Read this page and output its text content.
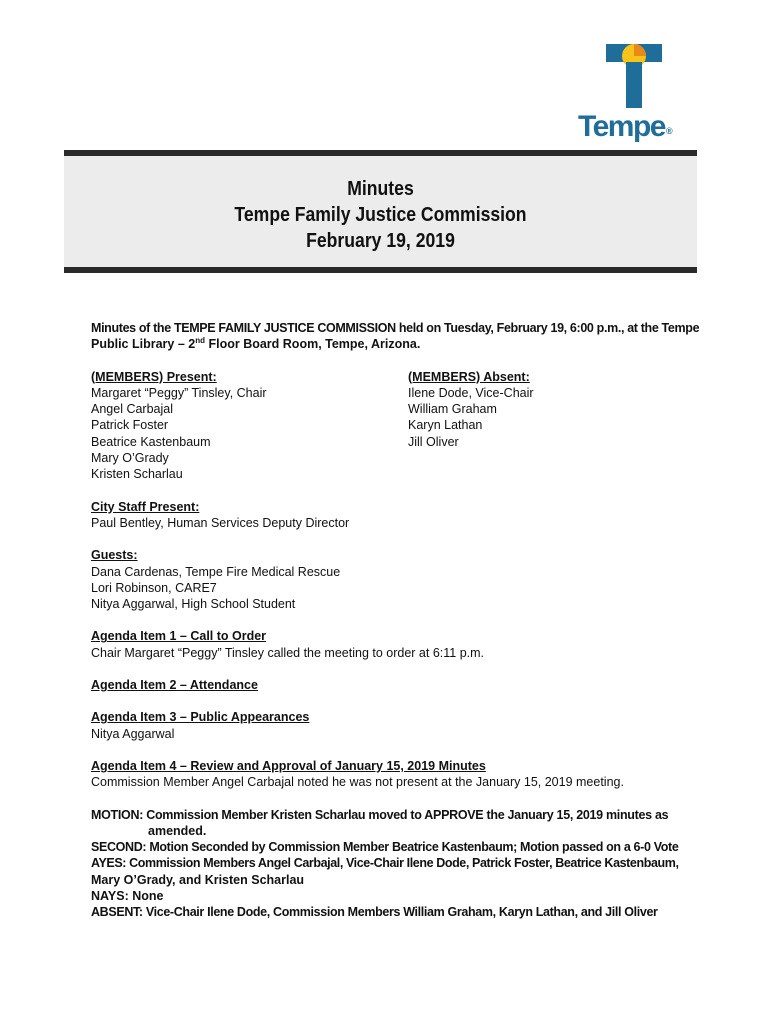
Tempe®
Minutes
Tempe Family Justice Commission
February 19, 2019

Minutes of the TEMPE FAMILY JUSTICE COMMISSION held on Tuesday, February 19, 6:00 p.m., at the Tempe

Public Library – 2nd Floor Board Room, Tempe, Arizona.

(MEMBERS) Present:

Margaret “Peggy” Tinsley, Chair

Angel Carbajal

Patrick Foster

Beatrice Kastenbaum

Mary O’Grady

Kristen Scharlau

(MEMBERS) Absent:

Ilene Dode, Vice-Chair

William Graham

Karyn Lathan

Jill Oliver

City Staff Present:

Paul Bentley, Human Services Deputy Director

Guests:

Dana Cardenas, Tempe Fire Medical Rescue

Lori Robinson, CARE7

Nitya Aggarwal, High School Student

Agenda Item 1 – Call to Order

Chair Margaret “Peggy” Tinsley called the meeting to order at 6:11 p.m.

Agenda Item 2 – Attendance

Agenda Item 3 – Public Appearances

Nitya Aggarwal

Agenda Item 4 – Review and Approval of January 15, 2019 Minutes

Commission Member Angel Carbajal noted he was not present at the January 15, 2019 meeting.

MOTION: Commission Member Kristen Scharlau moved to APPROVE the January 15, 2019 minutes as

amended.

SECOND: Motion Seconded by Commission Member Beatrice Kastenbaum; Motion passed on a 6-0 Vote

AYES: Commission Members Angel Carbajal, Vice-Chair Ilene Dode, Patrick Foster, Beatrice Kastenbaum,

Mary O’Grady, and Kristen Scharlau

NAYS: None

ABSENT: Vice-Chair Ilene Dode, Commission Members William Graham, Karyn Lathan, and Jill Oliver
